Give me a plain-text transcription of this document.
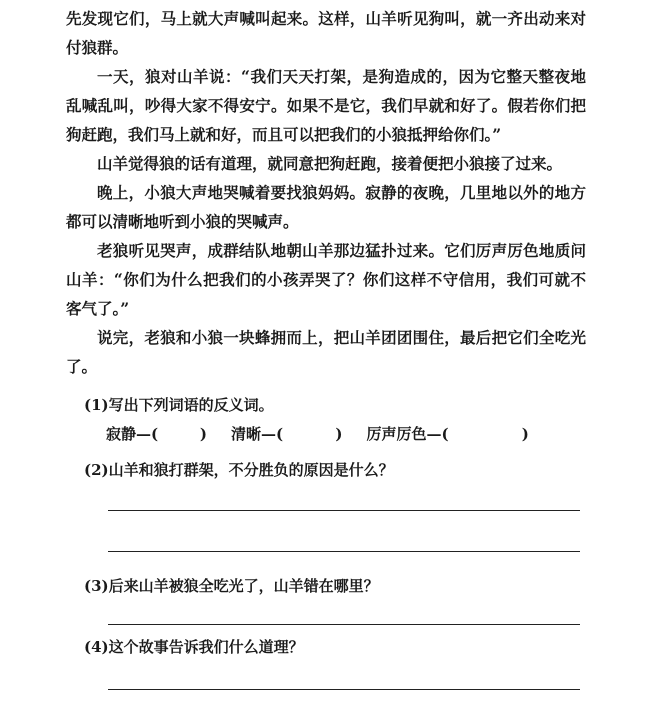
先发现它们，马上就大声喊叫起来。这样，山羊听见狗叫，就一齐出动来对付狼群。

一天，狼对山羊说：“我们天天打架，是狗造成的，因为它整天整夜地乱喊乱叫，吵得大家不得安宁。如果不是它，我们早就和好了。假若你们把狗赶跑，我们马上就和好，而且可以把我们的小狼抵押给你们。”

山羊觉得狼的话有道理，就同意把狗赶跑，接着便把小狼接了过来。

晚上，小狼大声地哭喊着要找狼妈妈。寂静的夜晚，几里地以外的地方都可以清晰地听到小狼的哭喊声。

老狼听见哭声，成群结队地朝山羊那边猛扑过来。它们厉声厉色地质问山羊：“你们为什么把我们的小孩弄哭了？你们这样不守信用，我们可就不客气了。”

说完，老狼和小狼一块蜂拥而上，把山羊团团围住，最后把它们全吃光了。

(1)写出下列词语的反义词。

寂静—(
	) 清晰—(
	) 厉声厉色—(
	)

(2)山羊和狼打群架，不分胜负的原因是什么？

(3)后来山羊被狼全吃光了，山羊错在哪里？

(4)这个故事告诉我们什么道理？
